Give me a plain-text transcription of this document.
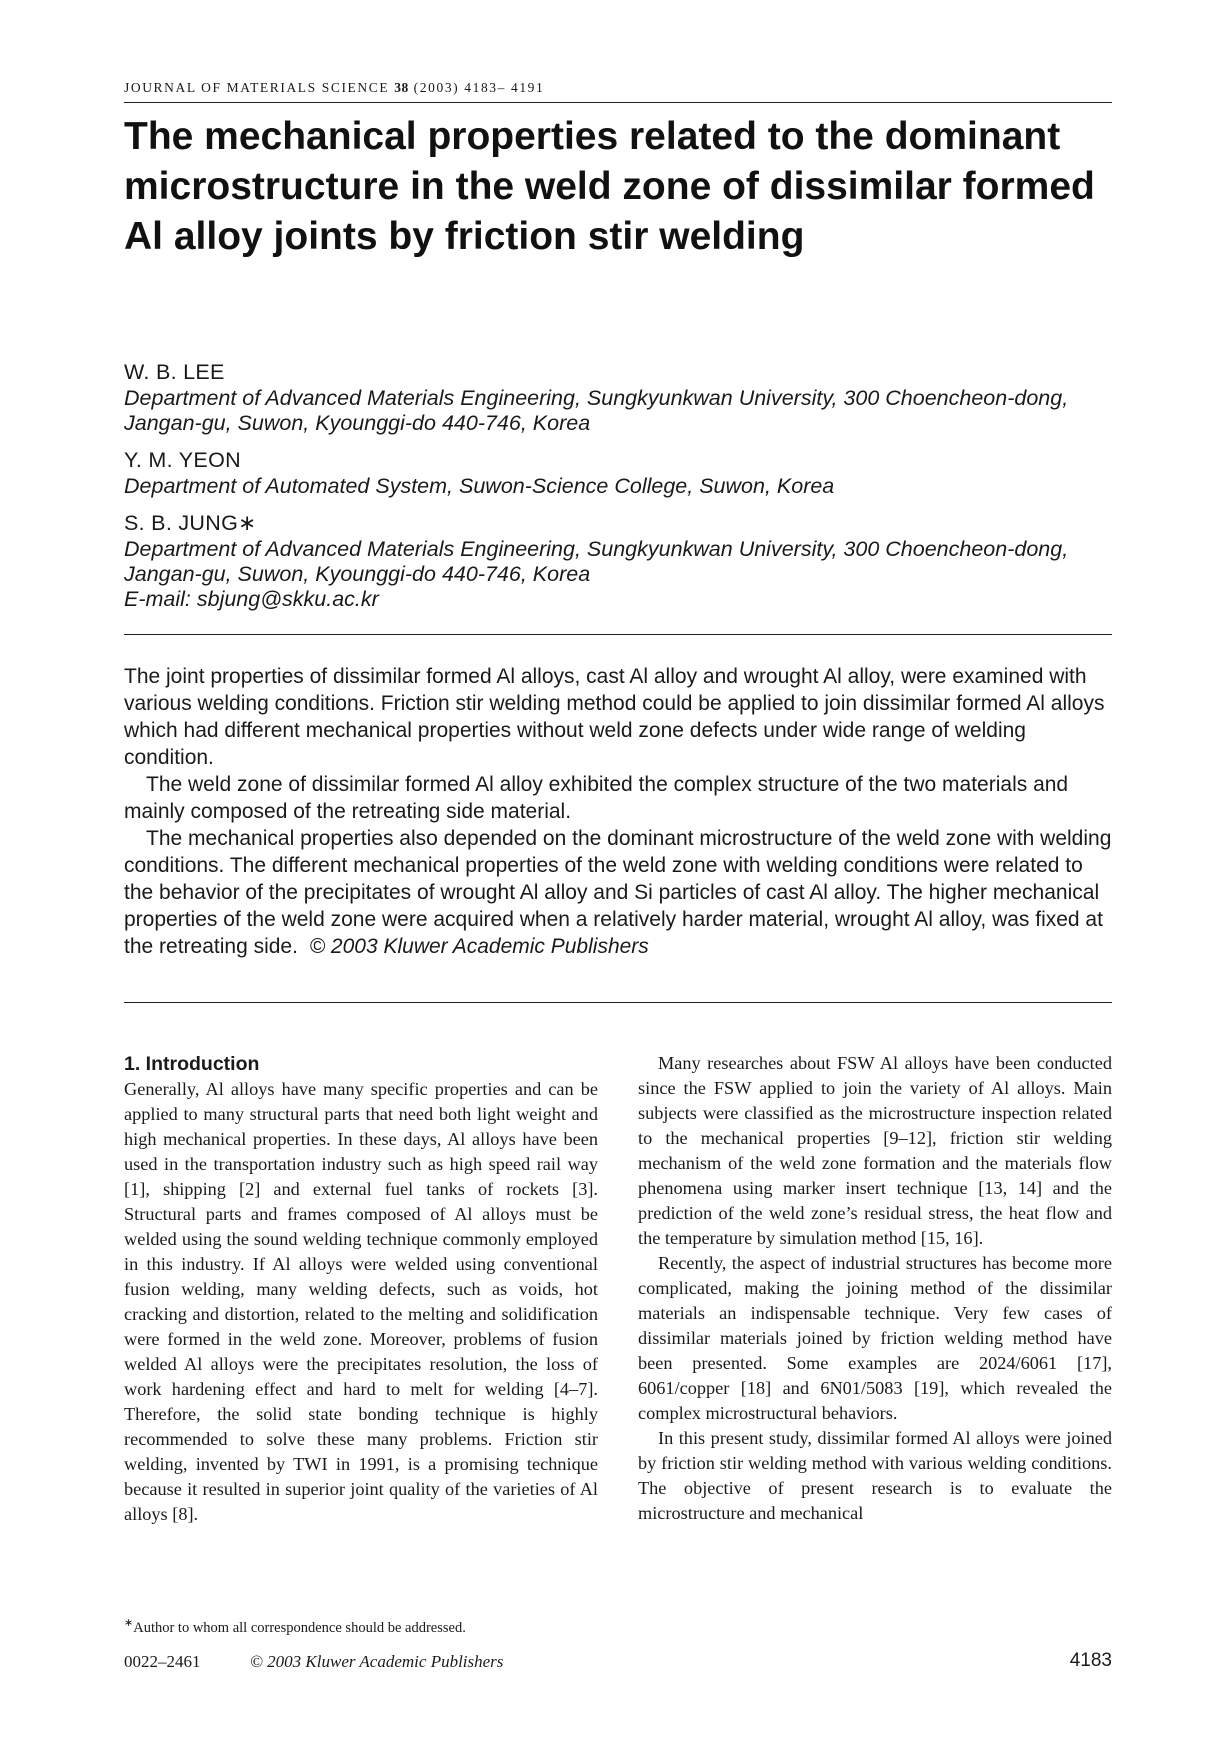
JOURNAL OF MATERIALS SCIENCE 38 (2003) 4183– 4191
The mechanical properties related to the dominant microstructure in the weld zone of dissimilar formed Al alloy joints by friction stir welding
W. B. LEE
Department of Advanced Materials Engineering, Sungkyunkwan University, 300 Choencheon-dong, Jangan-gu, Suwon, Kyounggi-do 440-746, Korea
Y. M. YEON
Department of Automated System, Suwon-Science College, Suwon, Korea
S. B. JUNG∗
Department of Advanced Materials Engineering, Sungkyunkwan University, 300 Choencheon-dong, Jangan-gu, Suwon, Kyounggi-do 440-746, Korea
E-mail: sbjung@skku.ac.kr

The joint properties of dissimilar formed Al alloys, cast Al alloy and wrought Al alloy, were examined with various welding conditions. Friction stir welding method could be applied to join dissimilar formed Al alloys which had different mechanical properties without weld zone defects under wide range of welding condition.

The weld zone of dissimilar formed Al alloy exhibited the complex structure of the two materials and mainly composed of the retreating side material.

The mechanical properties also depended on the dominant microstructure of the weld zone with welding conditions. The different mechanical properties of the weld zone with welding conditions were related to the behavior of the precipitates of wrought Al alloy and Si particles of cast Al alloy. The higher mechanical properties of the weld zone were acquired when a relatively harder material, wrought Al alloy, was fixed at the retreating side. © 2003 Kluwer Academic Publishers

1. Introduction

Generally, Al alloys have many specific properties and can be applied to many structural parts that need both light weight and high mechanical properties. In these days, Al alloys have been used in the transportation industry such as high speed rail way [1], shipping [2] and external fuel tanks of rockets [3]. Structural parts and frames composed of Al alloys must be welded using the sound welding technique commonly employed in this industry. If Al alloys were welded using conventional fusion welding, many welding defects, such as voids, hot cracking and distortion, related to the melting and solidification were formed in the weld zone. Moreover, problems of fusion welded Al alloys were the precipitates resolution, the loss of work hardening effect and hard to melt for welding [4–7]. Therefore, the solid state bonding technique is highly recommended to solve these many problems. Friction stir welding, invented by TWI in 1991, is a promising technique because it resulted in superior joint quality of the varieties of Al alloys [8].

Many researches about FSW Al alloys have been conducted since the FSW applied to join the variety of Al alloys. Main subjects were classified as the microstructure inspection related to the mechanical properties [9–12], friction stir welding mechanism of the weld zone formation and the materials flow phenomena using marker insert technique [13, 14] and the prediction of the weld zone’s residual stress, the heat flow and the temperature by simulation method [15, 16].

Recently, the aspect of industrial structures has become more complicated, making the joining method of the dissimilar materials an indispensable technique. Very few cases of dissimilar materials joined by friction welding method have been presented. Some examples are 2024/6061 [17], 6061/copper [18] and 6N01/5083 [19], which revealed the complex microstructural behaviors.

In this present study, dissimilar formed Al alloys were joined by friction stir welding method with various welding conditions. The objective of present research is to evaluate the microstructure and mechanical

∗Author to whom all correspondence should be addressed.
0022–2461	© 2003 Kluwer Academic Publishers	4183
